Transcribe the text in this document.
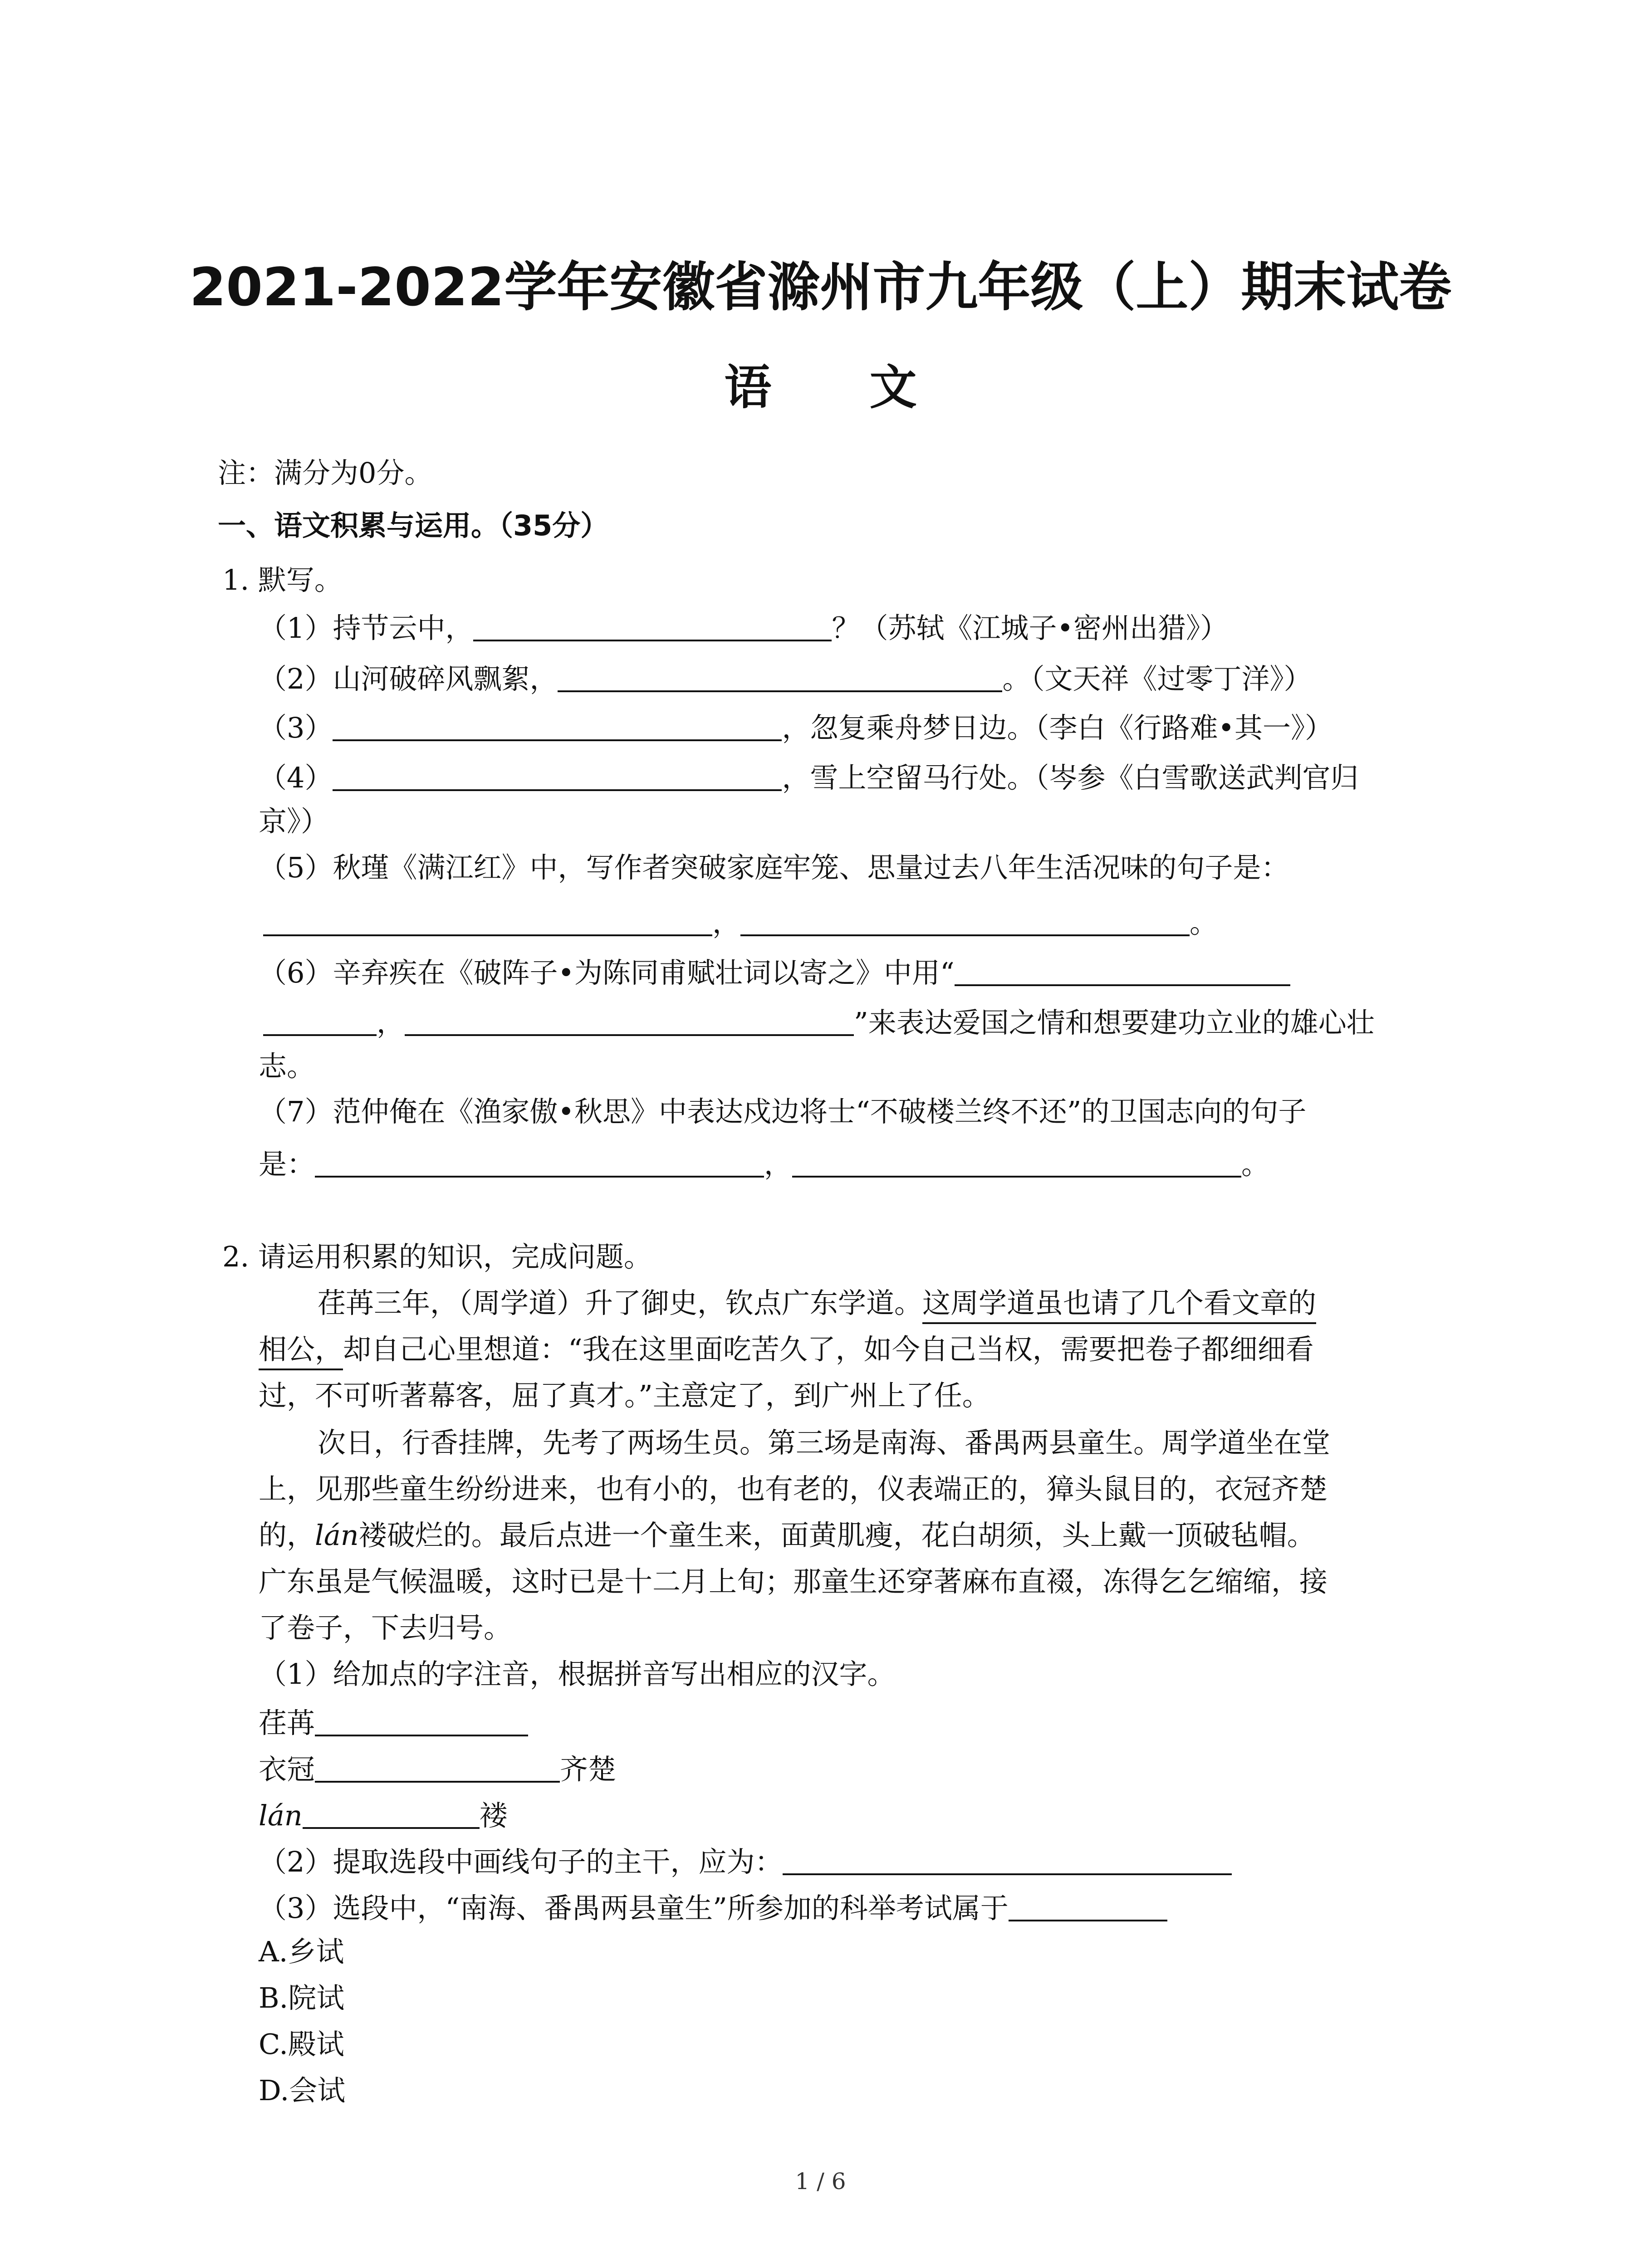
2021-2022学年安徽省滁州市九年级（上）期末试卷
语 文
注：满分为0分。
一、语文积累与运用。（35分）
1. 默写。
（1）持节云中，	？（苏轼《江城子•密州出猎》）
（2）山河破碎风飘絮，	。（文天祥《过零丁洋》）
（3）	，忽复乘舟梦日边。（李白《行路难•其一》）
（4）	，雪上空留马行处。（岑参《白雪歌送武判官归
京》）
（5）秋瑾《满江红》中，写作者突破家庭牢笼、思量过去八年生活况味的句子是：
，	。
（6）辛弃疾在《破阵子•为陈同甫赋壮词以寄之》中用“
，	”来表达爱国之情和想要建功立业的雄心壮
志。
（7）范仲俺在《渔家傲•秋思》中表达戍边将士“不破楼兰终不还”的卫国志向的句子
是：	，	。
2. 请运用积累的知识，完成问题。
荏苒三年，（周学道）升了御史，钦点广东学道。这周学道虽也请了几个看文章的
相公，却自己心里想道：“我在这里面吃苦久了，如今自己当权，需要把卷子都细细看
过，不可听著幕客，屈了真才。”主意定了，到广州上了任。
次日，行香挂牌，先考了两场生员。第三场是南海、番禺两县童生。周学道坐在堂
上，见那些童生纷纷进来，也有小的，也有老的，仪表端正的，獐头鼠目的，衣冠齐楚
的，lán褛破烂的。最后点进一个童生来，面黄肌瘦，花白胡须，头上戴一顶破毡帽。
广东虽是气候温暖，这时已是十二月上旬；那童生还穿著麻布直裰，冻得乞乞缩缩，接
了卷子，下去归号。
（1）给加点的字注音，根据拼音写出相应的汉字。
荏苒
衣冠	齐楚
lán	褛
（2）提取选段中画线句子的主干，应为：
（3）选段中，“南海、番禺两县童生”所参加的科举考试属于
A.乡试
B.院试
C.殿试
D.会试
1 / 6
